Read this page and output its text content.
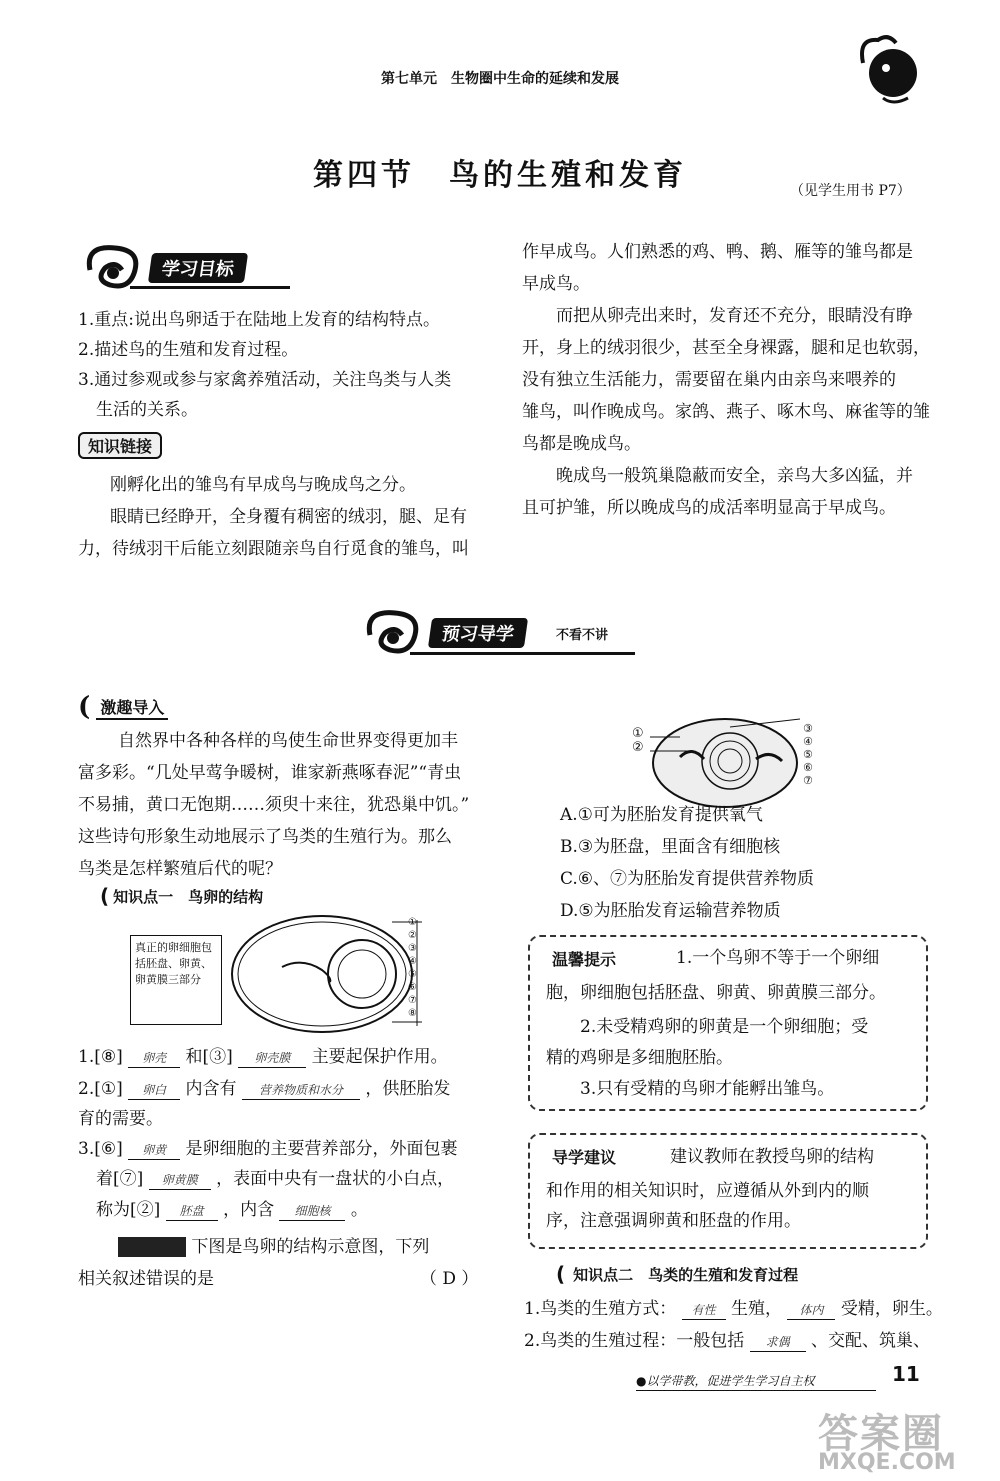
第七单元　生物圈中生命的延续和发展
第四节　鸟的生殖和发育	（见学生用书 P7）
学习目标
1.重点:说出鸟卵适于在陆地上发育的结构特点。
2.描述鸟的生殖和发育过程。
3.通过参观或参与家禽养殖活动，关注鸟类与人类
生活的关系。
知识链接
刚孵化出的雏鸟有早成鸟与晚成鸟之分。
眼睛已经睁开，全身覆有稠密的绒羽，腿、足有
力，待绒羽干后能立刻跟随亲鸟自行觅食的雏鸟，叫
作早成鸟。人们熟悉的鸡、鸭、鹅、雁等的雏鸟都是
早成鸟。
而把从卵壳出来时，发育还不充分，眼睛没有睁
开，身上的绒羽很少，甚至全身裸露，腿和足也软弱，
没有独立生活能力，需要留在巢内由亲鸟来喂养的
雏鸟，叫作晚成鸟。家鸽、燕子、啄木鸟、麻雀等的雏
鸟都是晚成鸟。
晚成鸟一般筑巢隐蔽而安全，亲鸟大多凶猛，并
且可护雏，所以晚成鸟的成活率明显高于早成鸟。
预习导学	不看不讲
( 激趣导入
自然界中各种各样的鸟使生命世界变得更加丰
富多彩。“几处早莺争暖树，谁家新燕啄春泥”“青虫
不易捕，黄口无饱期……须臾十来往，犹恐巢中饥。”
这些诗句形象生动地展示了鸟类的生殖行为。那么
鸟类是怎样繁殖后代的呢？
( 知识点一　鸟卵的结构
真正的卵细胞包括胚盘、卵黄、卵黄膜三部分
①
②
③
④
⑤
⑥
⑦
⑧
1.[⑧] 卵壳 和[③] 卵壳膜 主要起保护作用。
2.[①] 卵白 内含有 营养物质和水分 ，供胚胎发
育的需要。
3.[⑥] 卵黄 是卵细胞的主要营养部分，外面包裹
着[⑦] 卵黄膜 ，表面中央有一盘状的小白点，
称为[②] 胚盘 ，内含 细胞核 。
模拟题练 下图是鸟卵的结构示意图，下列
相关叙述错误的是	（ D ）
①
②
③
④
⑤
⑥
⑦
A.①可为胚胎发育提供氧气
B.③为胚盘，里面含有细胞核
C.⑥、⑦为胚胎发育提供营养物质
D.⑤为胚胎发育运输营养物质
温馨提示	1.一个鸟卵不等于一个卵细
胞，卵细胞包括胚盘、卵黄、卵黄膜三部分。
2.未受精鸡卵的卵黄是一个卵细胞；受
精的鸡卵是多细胞胚胎。
3.只有受精的鸟卵才能孵出雏鸟。
导学建议	建议教师在教授鸟卵的结构
和作用的相关知识时，应遵循从外到内的顺
序，注意强调卵黄和胚盘的作用。
( 知识点二　鸟类的生殖和发育过程
1.鸟类的生殖方式： 有性 生殖， 体内 受精，卵生。
2.鸟类的生殖过程：一般包括 求偶 、交配、筑巢、
●以学带教，促进学生学习自主权	11
答案圈
MXQE.COM
